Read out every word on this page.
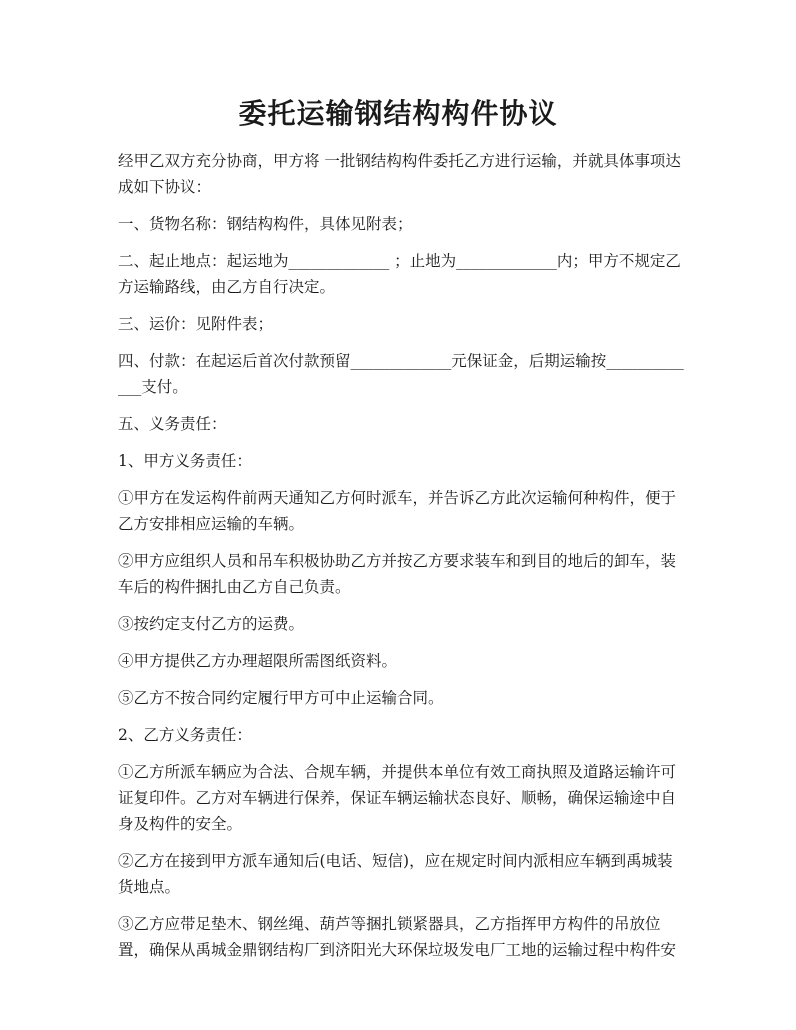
委托运输钢结构构件协议

经甲乙双方充分协商，甲方将 一批钢结构构件委托乙方进行运输，并就具体事项达成如下协议：

一、货物名称：钢结构构件，具体见附表；

二、起止地点：起运地为_____________ ；止地为_____________内；甲方不规定乙方运输路线，由乙方自行决定。

三、运价：见附件表；

四、付款：在起运后首次付款预留_____________元保证金，后期运输按_____________支付。

五、义务责任：

1、甲方义务责任：

①甲方在发运构件前两天通知乙方何时派车，并告诉乙方此次运输何种构件，便于乙方安排相应运输的车辆。

②甲方应组织人员和吊车积极协助乙方并按乙方要求装车和到目的地后的卸车，装车后的构件捆扎由乙方自己负责。

③按约定支付乙方的运费。

④甲方提供乙方办理超限所需图纸资料。

⑤乙方不按合同约定履行甲方可中止运输合同。

2、乙方义务责任：

①乙方所派车辆应为合法、合规车辆，并提供本单位有效工商执照及道路运输许可证复印件。乙方对车辆进行保养，保证车辆运输状态良好、顺畅，确保运输途中自身及构件的安全。

②乙方在接到甲方派车通知后(电话、短信)，应在规定时间内派相应车辆到禹城装货地点。

③乙方应带足垫木、钢丝绳、葫芦等捆扎锁紧器具，乙方指挥甲方构件的吊放位置，确保从禹城金鼎钢结构厂到济阳光大环保垃圾发电厂工地的运输过程中构件安
